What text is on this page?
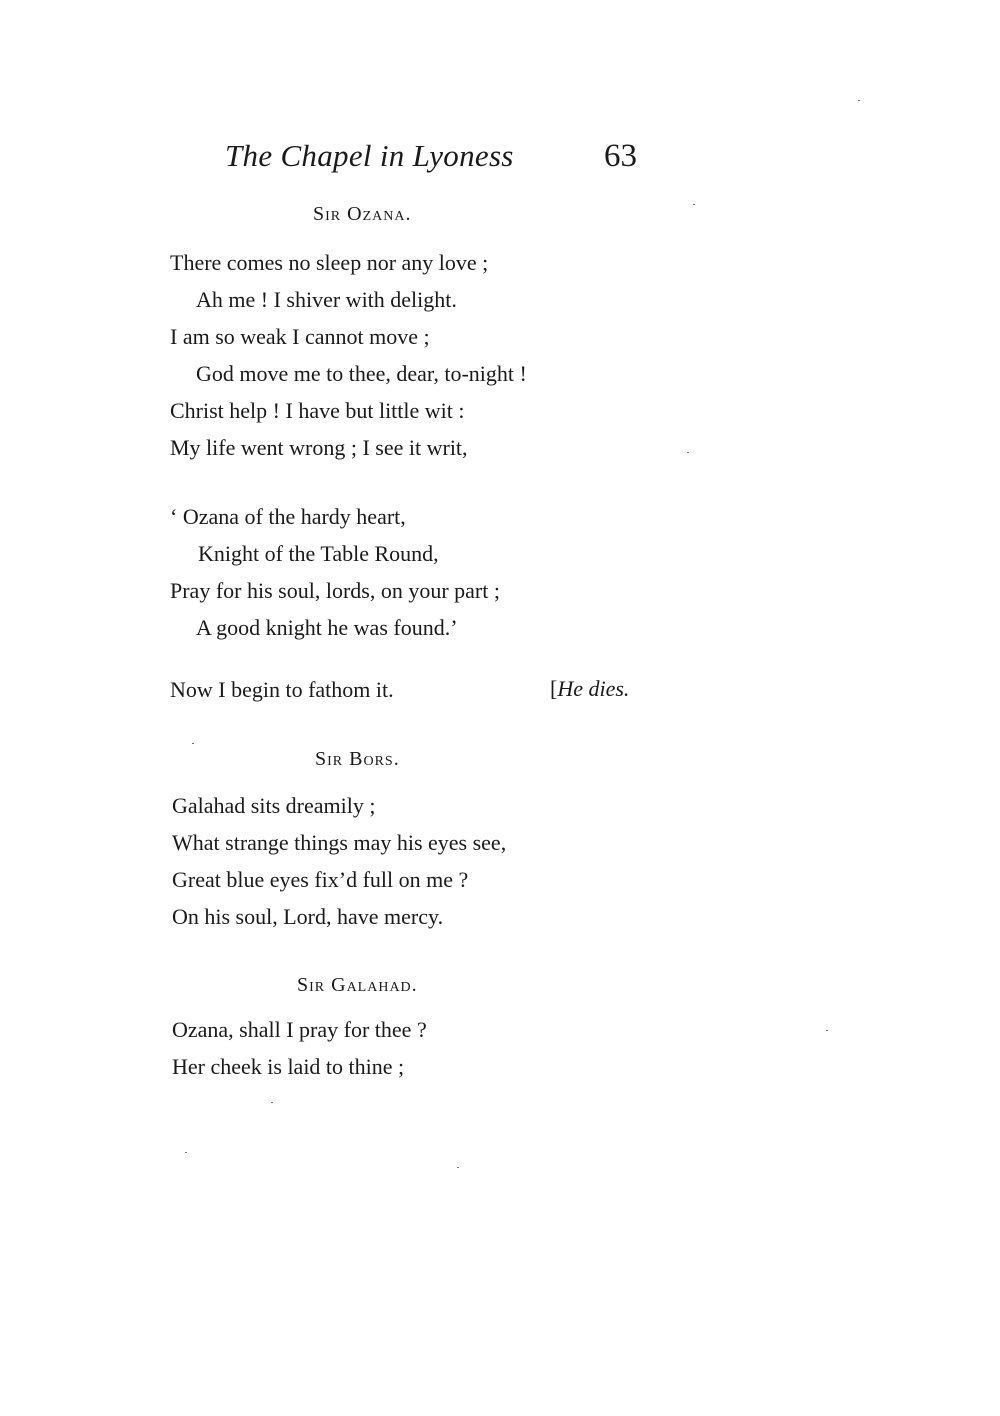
The Chapel in Lyoness	63
Sir Ozana.
There comes no sleep nor any love ;
Ah me ! I shiver with delight.
I am so weak I cannot move ;
God move me to thee, dear, to-night !
Christ help ! I have but little wit :
My life went wrong ; I see it writ,
‘ Ozana of the hardy heart,
Knight of the Table Round,
Pray for his soul, lords, on your part ;
A good knight he was found.’
Now I begin to fathom it.	[He dies.
Sir Bors.
Galahad sits dreamily ;
What strange things may his eyes see,
Great blue eyes fix’d full on me ?
On his soul, Lord, have mercy.
Sir Galahad.
Ozana, shall I pray for thee ?
Her cheek is laid to thine ;
